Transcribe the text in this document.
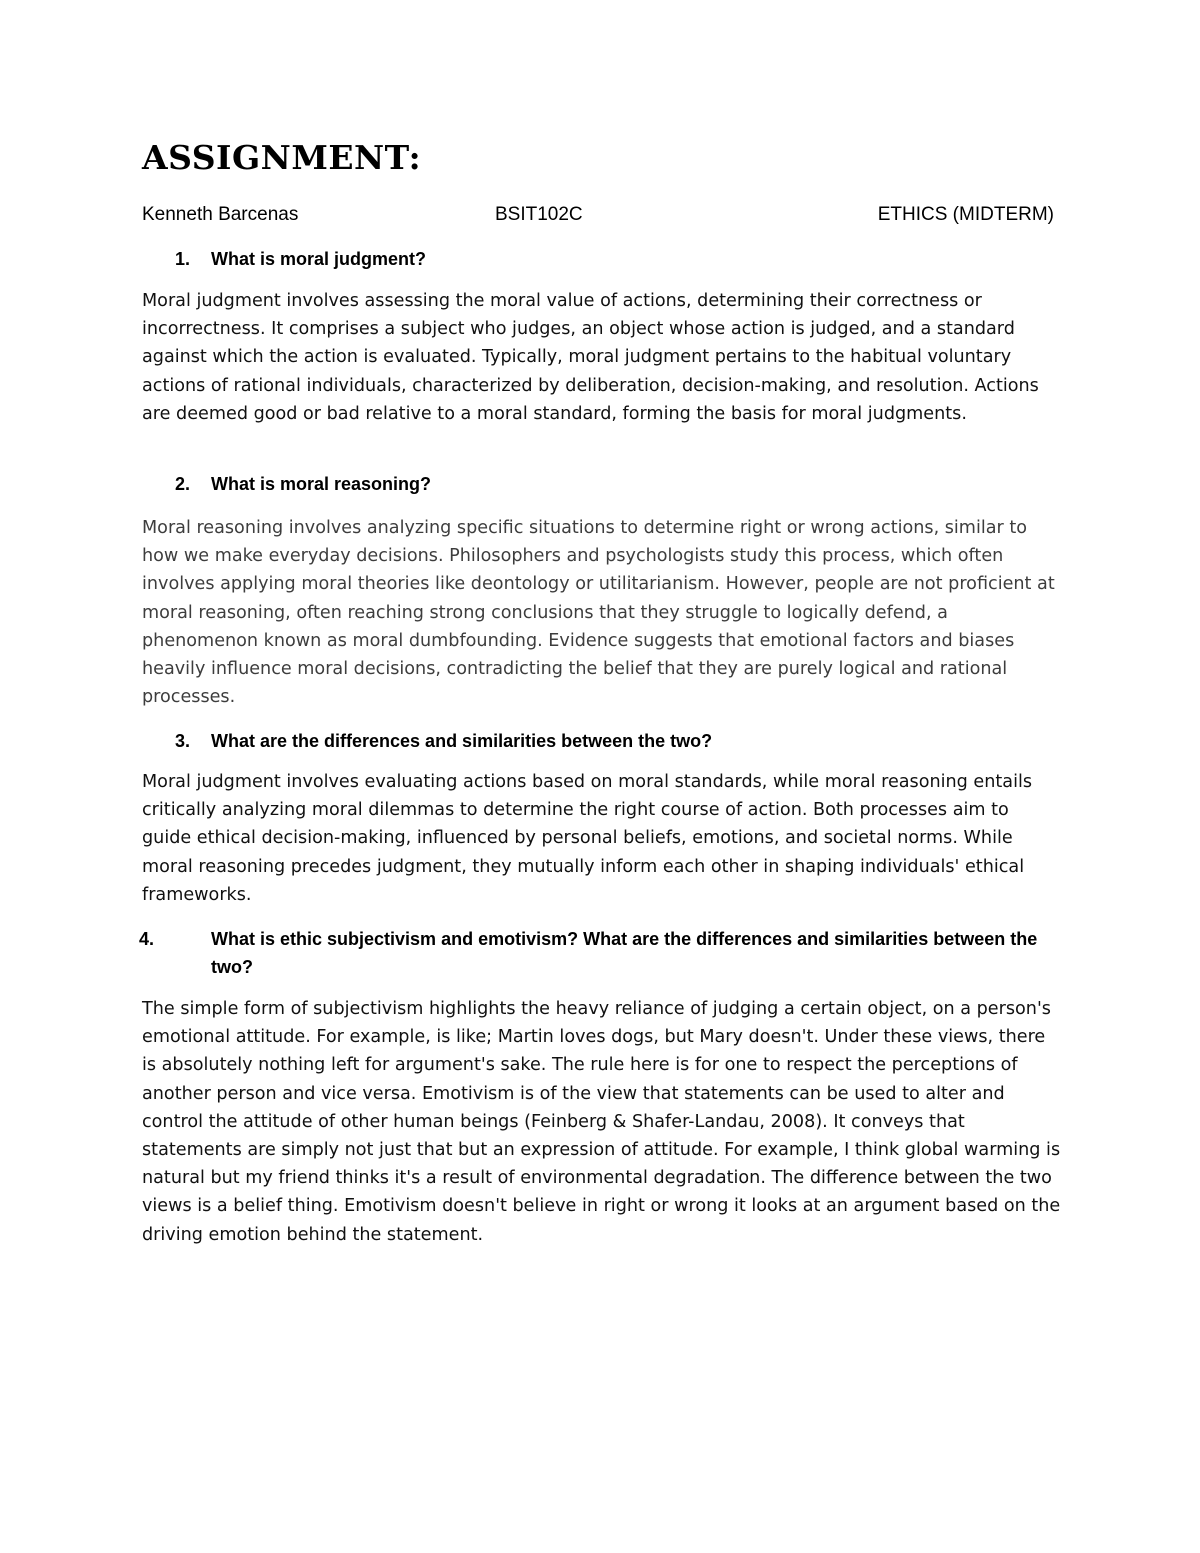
ASSIGNMENT:
Kenneth Barcenas	BSIT102C	ETHICS (MIDTERM)

1. What is moral judgment?

Moral judgment involves assessing the moral value of actions, determining their correctness or incorrectness. It comprises a subject who judges, an object whose action is judged, and a standard against which the action is evaluated. Typically, moral judgment pertains to the habitual voluntary actions of rational individuals, characterized by deliberation, decision-making, and resolution. Actions are deemed good or bad relative to a moral standard, forming the basis for moral judgments.

2. What is moral reasoning?

Moral reasoning involves analyzing specific situations to determine right or wrong actions, similar to how we make everyday decisions. Philosophers and psychologists study this process, which often involves applying moral theories like deontology or utilitarianism. However, people are not proficient at moral reasoning, often reaching strong conclusions that they struggle to logically defend, a phenomenon known as moral dumbfounding. Evidence suggests that emotional factors and biases heavily influence moral decisions, contradicting the belief that they are purely logical and rational processes.

3. What are the differences and similarities between the two?

Moral judgment involves evaluating actions based on moral standards, while moral reasoning entails critically analyzing moral dilemmas to determine the right course of action. Both processes aim to guide ethical decision-making, influenced by personal beliefs, emotions, and societal norms. While moral reasoning precedes judgment, they mutually inform each other in shaping individuals' ethical frameworks.

4.	What is ethic subjectivism and emotivism? What are the differences and similarities between the two?

The simple form of subjectivism highlights the heavy reliance of judging a certain object, on a person's emotional attitude. For example, is like; Martin loves dogs, but Mary doesn't. Under these views, there is absolutely nothing left for argument's sake. The rule here is for one to respect the perceptions of another person and vice versa. Emotivism is of the view that statements can be used to alter and control the attitude of other human beings (Feinberg & Shafer-Landau, 2008). It conveys that statements are simply not just that but an expression of attitude. For example, I think global warming is natural but my friend thinks it's a result of environmental degradation. The difference between the two views is a belief thing. Emotivism doesn't believe in right or wrong it looks at an argument based on the driving emotion behind the statement.
